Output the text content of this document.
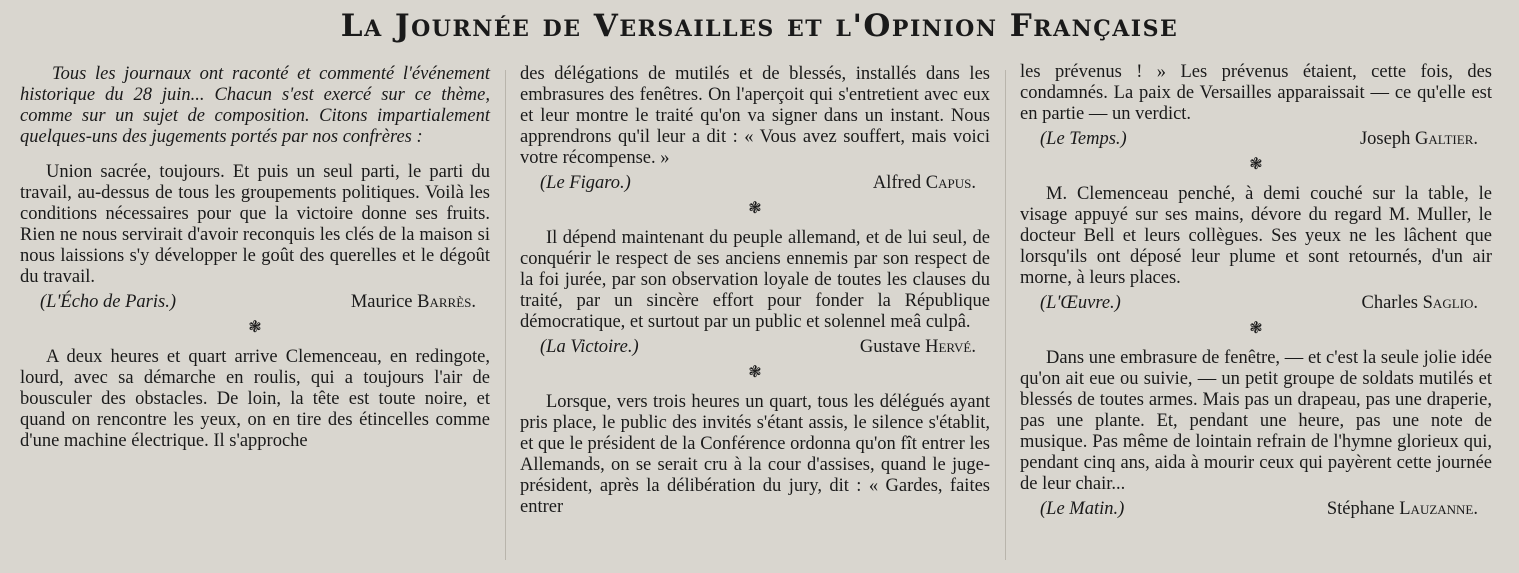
La Journée de Versailles et l'Opinion Française

Tous les journaux ont raconté et commenté l'événement historique du 28 juin... Chacun s'est exercé sur ce thème, comme sur un sujet de composition. Citons impartialement quelques-uns des jugements portés par nos confrères :

Union sacrée, toujours. Et puis un seul parti, le parti du travail, au-dessus de tous les groupements politiques. Voilà les conditions nécessaires pour que la victoire donne ses fruits. Rien ne nous servirait d'avoir reconquis les clés de la maison si nous laissions s'y développer le goût des querelles et le dégoût du travail.

(L'Écho de Paris.)	Maurice Barrès.
❃

A deux heures et quart arrive Clemenceau, en redingote, lourd, avec sa démarche en roulis, qui a toujours l'air de bousculer des obstacles. De loin, la tête est toute noire, et quand on rencontre les yeux, on en tire des étincelles comme d'une machine électrique. Il s'approche

des délégations de mutilés et de blessés, installés dans les embrasures des fenêtres. On l'aperçoit qui s'entretient avec eux et leur montre le traité qu'on va signer dans un instant. Nous apprendrons qu'il leur a dit : « Vous avez souffert, mais voici votre récompense. »

(Le Figaro.)	Alfred Capus.
❃

Il dépend maintenant du peuple allemand, et de lui seul, de conquérir le respect de ses anciens ennemis par son respect de la foi jurée, par son observation loyale de toutes les clauses du traité, par un sincère effort pour fonder la République démocratique, et surtout par un public et solennel meâ culpâ.

(La Victoire.)	Gustave Hervé.
❃

Lorsque, vers trois heures un quart, tous les délégués ayant pris place, le public des invités s'étant assis, le silence s'établit, et que le président de la Conférence ordonna qu'on fît entrer les Allemands, on se serait cru à la cour d'assises, quand le juge-président, après la délibération du jury, dit : « Gardes, faites entrer

les prévenus ! » Les prévenus étaient, cette fois, des condamnés. La paix de Versailles apparaissait — ce qu'elle est en partie — un verdict.

(Le Temps.)	Joseph Galtier.
❃

M. Clemenceau penché, à demi couché sur la table, le visage appuyé sur ses mains, dévore du regard M. Muller, le docteur Bell et leurs collègues. Ses yeux ne les lâchent que lorsqu'ils ont déposé leur plume et sont retournés, d'un air morne, à leurs places.

(L'Œuvre.)	Charles Saglio.
❃

Dans une embrasure de fenêtre, — et c'est la seule jolie idée qu'on ait eue ou suivie, — un petit groupe de soldats mutilés et blessés de toutes armes. Mais pas un drapeau, pas une draperie, pas une plante. Et, pendant une heure, pas une note de musique. Pas même de lointain refrain de l'hymne glorieux qui, pendant cinq ans, aida à mourir ceux qui payèrent cette journée de leur chair...

(Le Matin.)	Stéphane Lauzanne.
